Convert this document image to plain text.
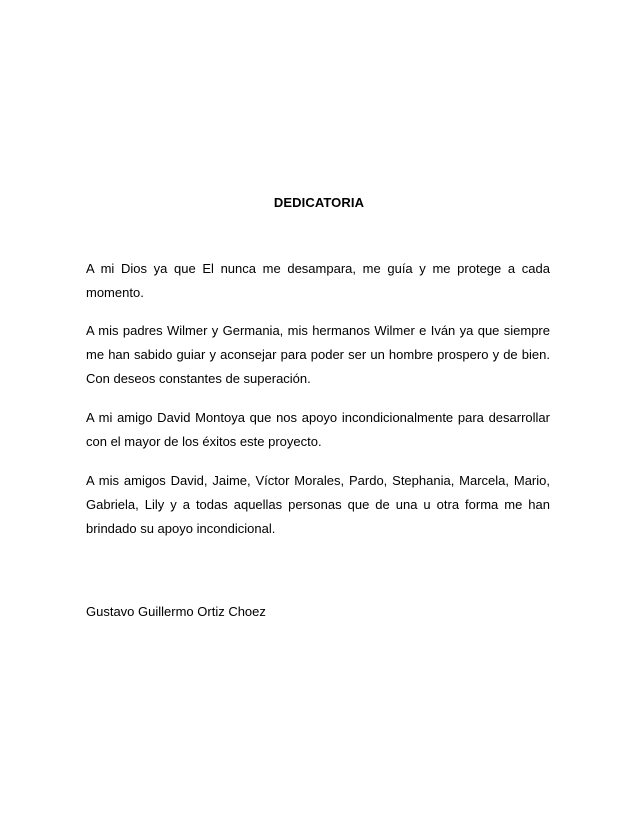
DEDICATORIA

A mi Dios ya que El nunca me desampara, me guía y me protege a cada momento.

A mis padres Wilmer y Germania, mis hermanos Wilmer e Iván ya que siempre me han sabido guiar y aconsejar para poder ser un hombre prospero y de bien. Con deseos constantes de superación.

A mi amigo David Montoya que nos apoyo incondicionalmente para desarrollar con el mayor de los éxitos este proyecto.

A mis amigos David, Jaime, Víctor Morales, Pardo, Stephania, Marcela, Mario, Gabriela, Lily y a todas aquellas personas que de una u otra forma me han brindado su apoyo incondicional.

Gustavo Guillermo Ortiz Choez
